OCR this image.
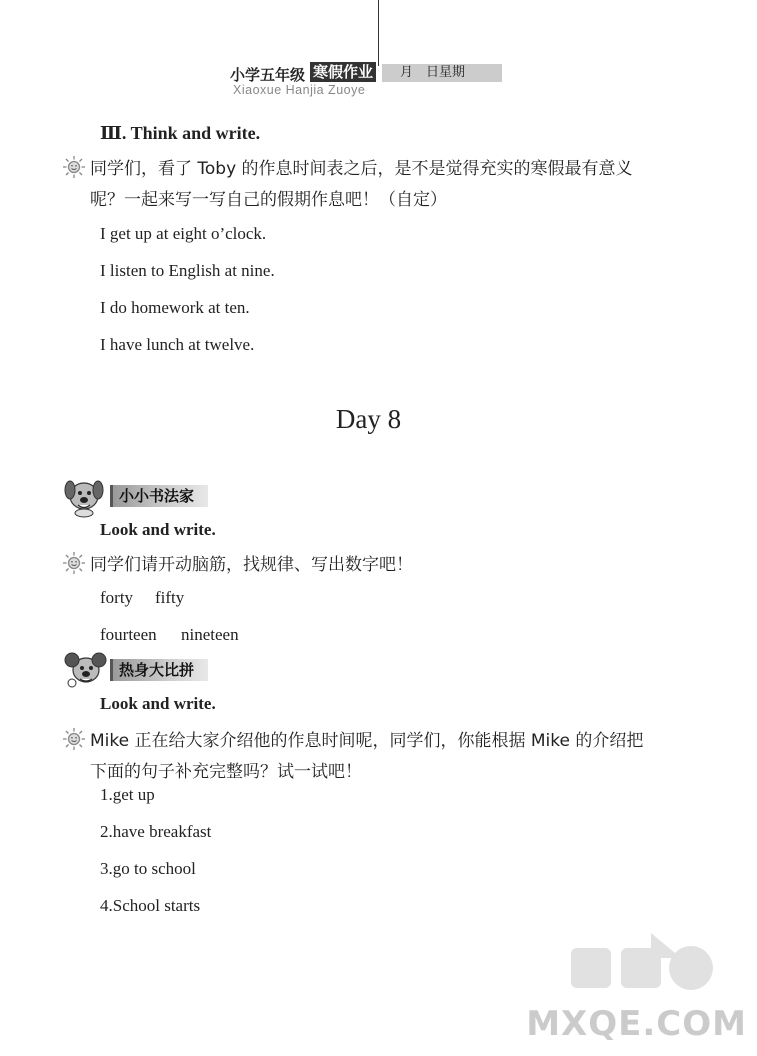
小学五年级 寒假作业	月　日星期
Xiaoxue Hanjia Zuoye
Ⅲ. Think and write.
同学们，看了 Toby 的作息时间表之后，是不是觉得充实的寒假最有意义
呢？一起来写一写自己的假期作息吧！（自定）
I get up at eight o’clock.
I listen to English at nine.
I do homework at ten.
I have lunch at twelve.
Day 8
小小书法家
Look and write.
同学们请开动脑筋，找规律、写出数字吧！
forty fifty
fourteen nineteen
热身大比拼
Look and write.
Mike 正在给大家介绍他的作息时间呢，同学们，你能根据 Mike 的介绍把
下面的句子补充完整吗？试一试吧！
1.get up
2.have breakfast
3.go to school
4.School starts
MXQE.COM
